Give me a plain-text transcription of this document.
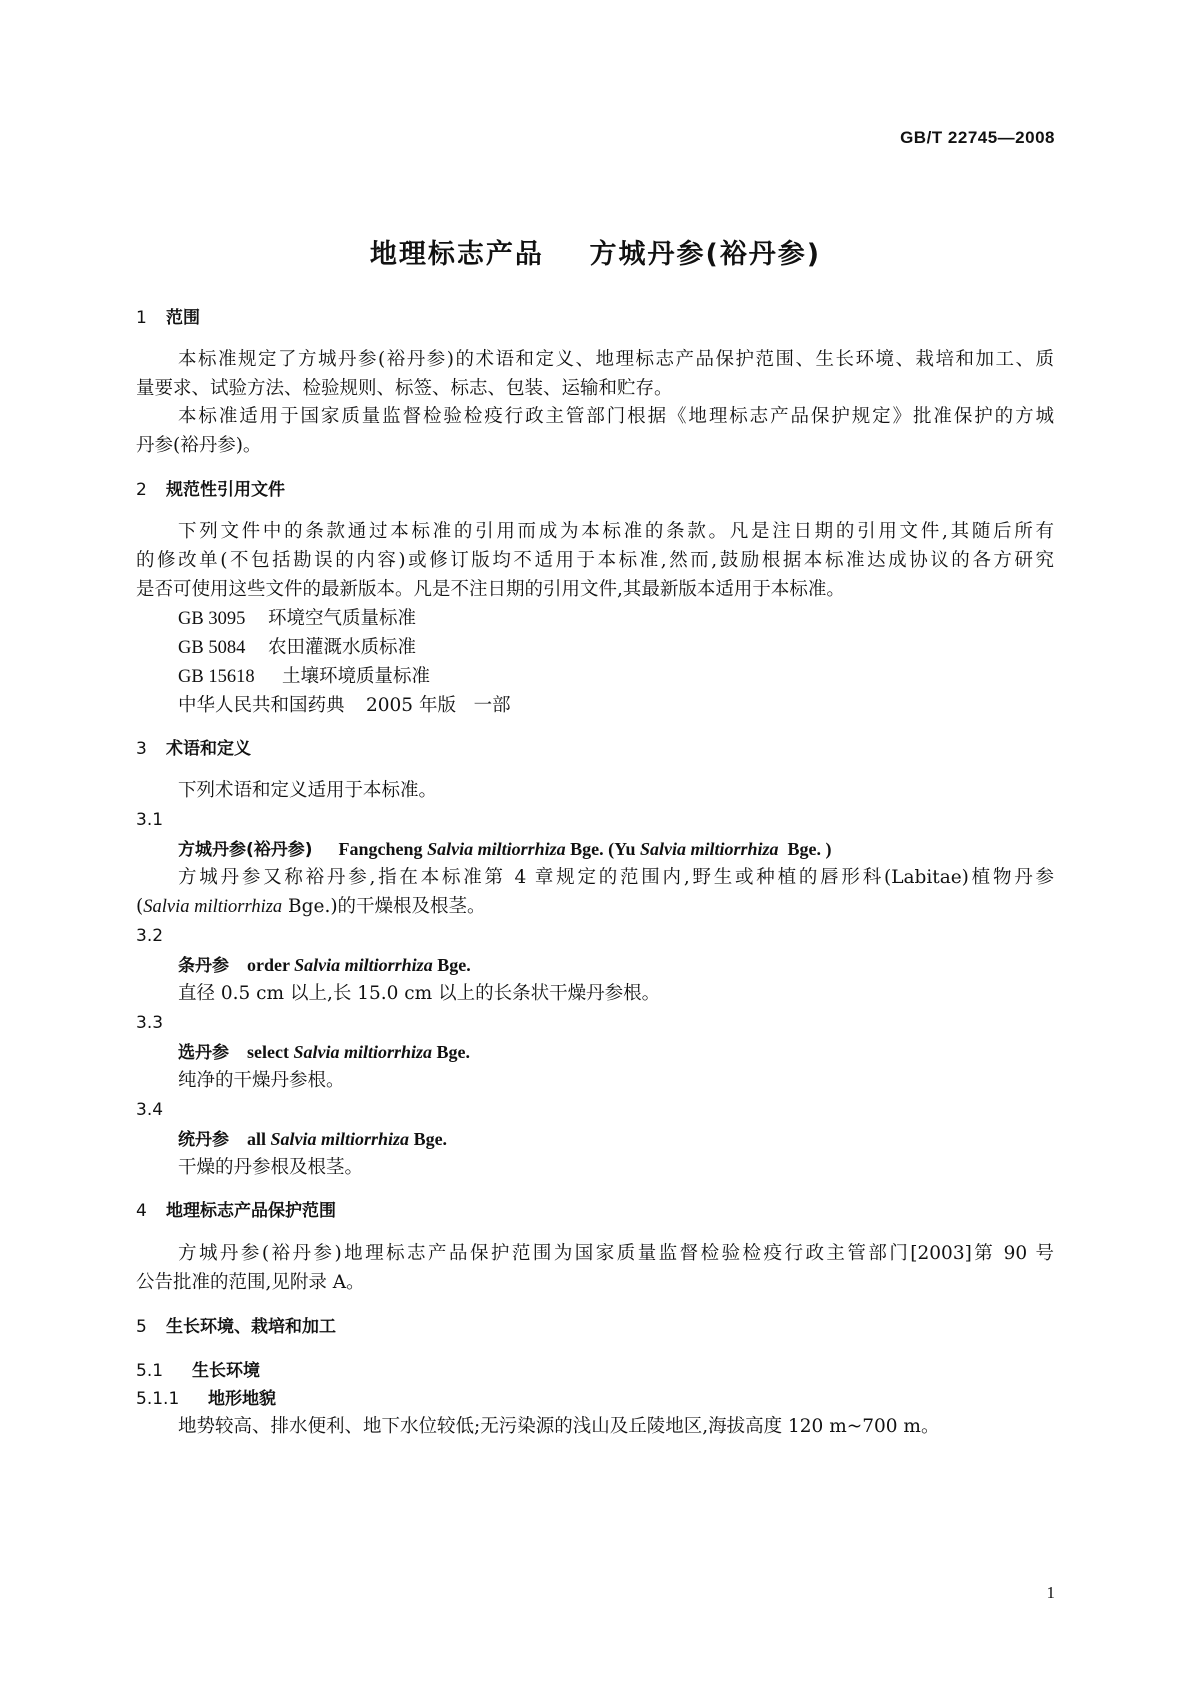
GB/T 22745—2008
地理标志产品    方城丹参(裕丹参)
1 范围
本标准规定了方城丹参(裕丹参)的术语和定义、地理标志产品保护范围、生长环境、栽培和加工、质
量要求、试验方法、检验规则、标签、标志、包装、运输和贮存。
本标准适用于国家质量监督检验检疫行政主管部门根据《地理标志产品保护规定》批准保护的方城
丹参(裕丹参)。
2 规范性引用文件
下列文件中的条款通过本标准的引用而成为本标准的条款。凡是注日期的引用文件,其随后所有
的修改单(不包括勘误的内容)或修订版均不适用于本标准,然而,鼓励根据本标准达成协议的各方研究
是否可使用这些文件的最新版本。凡是不注日期的引用文件,其最新版本适用于本标准。
GB 3095 环境空气质量标准
GB 5084 农田灌溉水质标准
GB 15618 土壤环境质量标准
中华人民共和国药典 2005 年版   一部
3 术语和定义
下列术语和定义适用于本标准。
3.1
方城丹参(裕丹参) Fangcheng Salvia miltiorrhiza Bge. (Yu Salvia miltiorrhiza  Bge. )
方城丹参又称裕丹参,指在本标准第 4 章规定的范围内,野生或种植的唇形科(Labitae)植物丹参
(Salvia miltiorrhiza Bge.)的干燥根及根茎。
3.2
条丹参 order Salvia miltiorrhiza Bge.
直径 0.5 cm 以上,长 15.0 cm 以上的长条状干燥丹参根。
3.3
选丹参 select Salvia miltiorrhiza Bge.
纯净的干燥丹参根。
3.4
统丹参 all Salvia miltiorrhiza Bge.
干燥的丹参根及根茎。
4 地理标志产品保护范围
方城丹参(裕丹参)地理标志产品保护范围为国家质量监督检验检疫行政主管部门[2003]第 90 号
公告批准的范围,见附录 A。
5 生长环境、栽培和加工
5.1 生长环境
5.1.1 地形地貌
地势较高、排水便利、地下水位较低;无污染源的浅山及丘陵地区,海拔高度 120 m~700 m。
1
